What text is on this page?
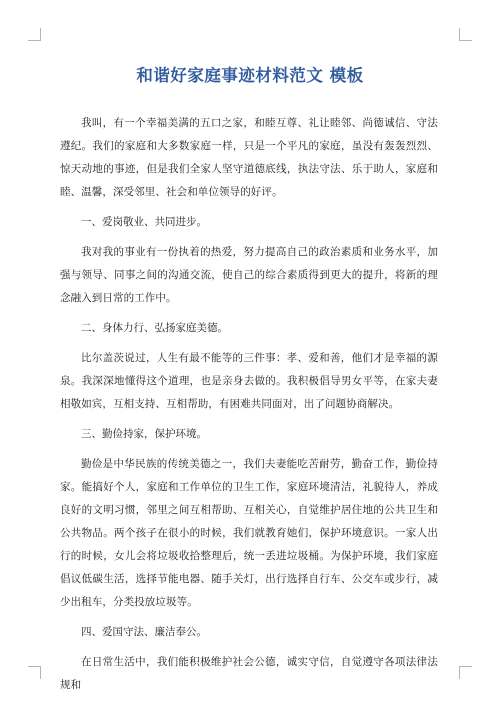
和谐好家庭事迹材料范文 模板

我叫，有一个幸福美满的五口之家，和睦互尊、礼让睦邻、尚德诚信、守法遵纪。我们的家庭和大多数家庭一样，只是一个平凡的家庭，虽没有轰轰烈烈、惊天动地的事迹，但是我们全家人坚守道德底线，执法守法、乐于助人，家庭和睦、温馨，深受邻里、社会和单位领导的好评。

一、爱岗敬业、共同进步。

我对我的事业有一份执着的热爱，努力提高自己的政治素质和业务水平，加强与领导、同事之间的沟通交流，使自己的综合素质得到更大的提升，将新的理念融入到日常的工作中。

二、身体力行、弘扬家庭美德。

比尔盖茨说过，人生有最不能等的三件事：孝、爱和善，他们才是幸福的源泉。我深深地懂得这个道理，也是亲身去做的。我积极倡导男女平等，在家夫妻相敬如宾，互相支持、互相帮助，有困难共同面对，出了问题协商解决。

三、勤俭持家，保护环境。

勤俭是中华民族的传统美德之一，我们夫妻能吃苦耐劳，勤奋工作，勤俭持家。能搞好个人，家庭和工作单位的卫生工作，家庭环境清洁，礼貌待人，养成良好的文明习惯，邻里之间互相帮助、互相关心，自觉维护居住地的公共卫生和公共物品。两个孩子在很小的时候，我们就教育她们，保护环境意识。一家人出行的时候，女儿会将垃圾收拾整理后，统一丢进垃圾桶。为保护环境，我们家庭倡议低碳生活，选择节能电器、随手关灯，出行选择自行车、公交车或步行，减少出租车，分类投放垃圾等。

四、爱国守法、廉洁奉公。

在日常生活中，我们能积极维护社会公德，诚实守信，自觉遵守各项法律法规和
